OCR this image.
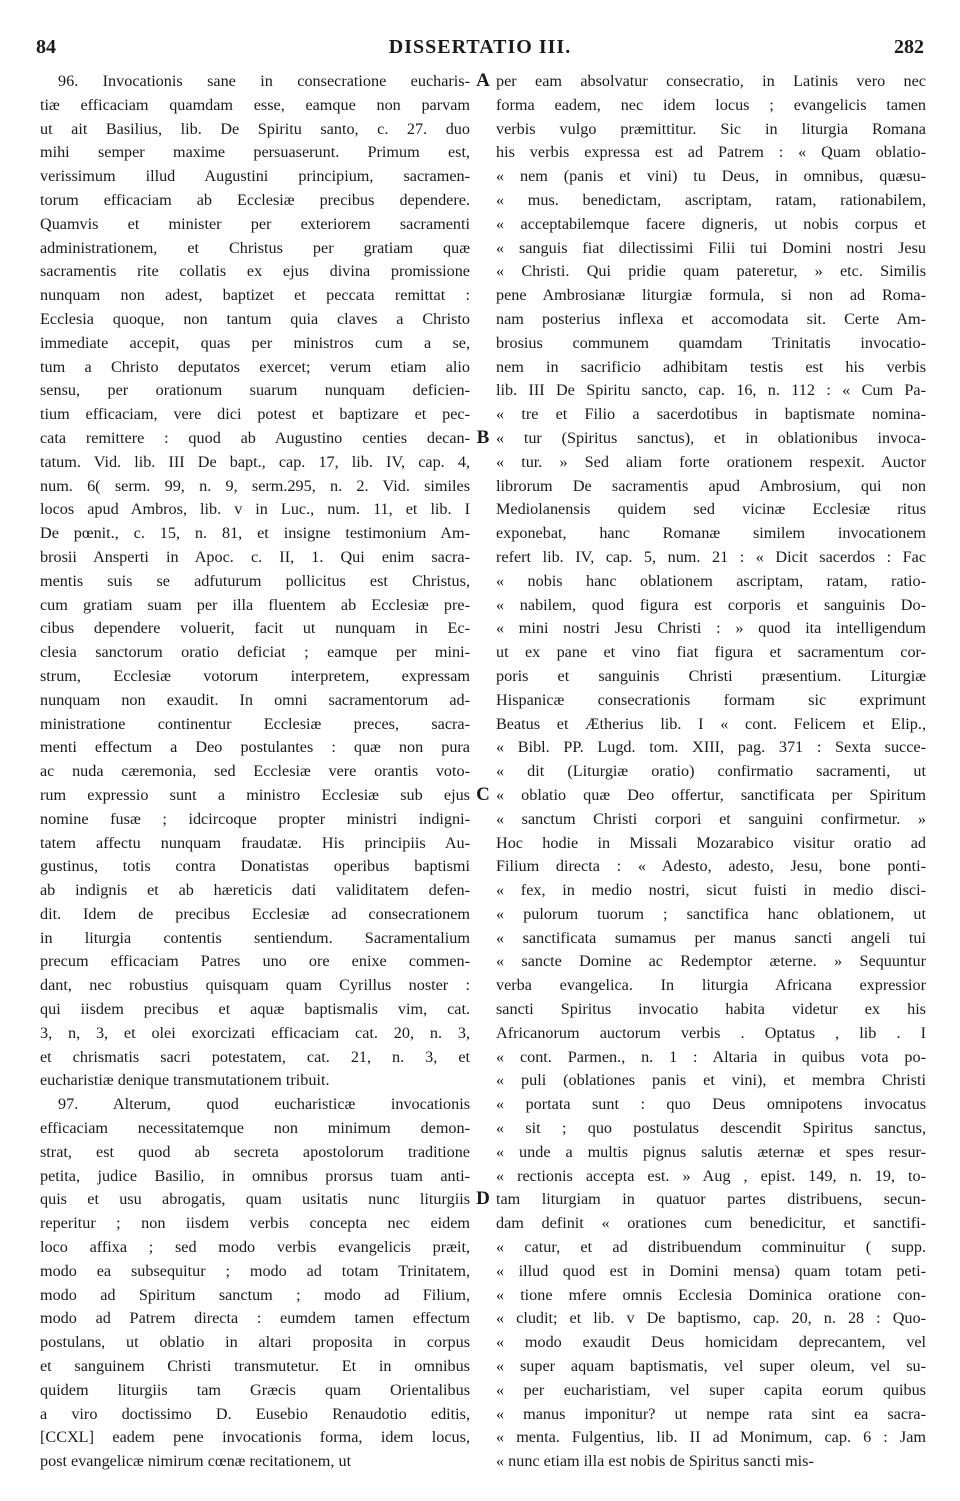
84	DISSERTATIO III.	282
96. Invocationis sane in consecratione eucharis-
tiæ efficaciam quamdam esse, eamque non parvam
ut ait Basilius, lib. De Spiritu santo, c. 27. duo
mihi semper maxime persuaserunt. Primum est,
verissimum illud Augustini principium, sacramen-
torum efficaciam ab Ecclesiæ precibus dependere.
Quamvis et minister per exteriorem sacramenti
administrationem, et Christus per gratiam quæ
sacramentis rite collatis ex ejus divina promissione
nunquam non adest, baptizet et peccata remittat :
Ecclesia quoque, non tantum quia claves a Christo
immediate accepit, quas per ministros cum a se,
tum a Christo deputatos exercet; verum etiam alio
sensu, per orationum suarum nunquam deficien-
tium efficaciam, vere dici potest et baptizare et pec-
cata remittere : quod ab Augustino centies decan-
tatum. Vid. lib. III De bapt., cap. 17, lib. IV, cap. 4,
num. 6( serm. 99, n. 9, serm.295, n. 2. Vid. similes
locos apud Ambros, lib. v in Luc., num. 11, et lib. I
De pœnit., c. 15, n. 81, et insigne testimonium Am-
brosii Ansperti in Apoc. c. II, 1. Qui enim sacra-
mentis suis se adfuturum pollicitus est Christus,
cum gratiam suam per illa fluentem ab Ecclesiæ pre-
cibus dependere voluerit, facit ut nunquam in Ec-
clesia sanctorum oratio deficiat ; eamque per mini-
strum, Ecclesiæ votorum interpretem, expressam
nunquam non exaudit. In omni sacramentorum ad-
ministratione continentur Ecclesiæ preces, sacra-
menti effectum a Deo postulantes : quæ non pura
ac nuda cæremonia, sed Ecclesiæ vere orantis voto-
rum expressio sunt a ministro Ecclesiæ sub ejus
nomine fusæ ; idcircoque propter ministri indigni-
tatem affectu nunquam fraudatæ. His principiis Au-
gustinus, totis contra Donatistas operibus baptismi
ab indignis et ab hæreticis dati validitatem defen-
dit. Idem de precibus Ecclesiæ ad consecrationem
in liturgia contentis sentiendum. Sacramentalium
precum efficaciam Patres uno ore enixe commen-
dant, nec robustius quisquam quam Cyrillus noster :
qui iisdem precibus et aquæ baptismalis vim, cat.
3, n, 3, et olei exorcizati efficaciam cat. 20, n. 3,
et chrismatis sacri potestatem, cat. 21, n. 3, et
eucharistiæ denique transmutationem tribuit.
97. Alterum, quod eucharisticæ invocationis
efficaciam necessitatemque non minimum demon-
strat, est quod ab secreta apostolorum traditione
petita, judice Basilio, in omnibus prorsus tuam anti-
quis et usu abrogatis, quam usitatis nunc liturgiis
reperitur ; non iisdem verbis concepta nec eidem
loco affixa ; sed modo verbis evangelicis præit,
modo ea subsequitur ; modo ad totam Trinitatem,
modo ad Spiritum sanctum ; modo ad Filium,
modo ad Patrem directa : eumdem tamen effectum
postulans, ut oblatio in altari proposita in corpus
et sanguinem Christi transmutetur. Et in omnibus
quidem liturgiis tam Græcis quam Orientalibus
a viro doctissimo D. Eusebio Renaudotio editis,
[CCXL] eadem pene invocationis forma, idem locus,
post evangelicæ nimirum cœnæ recitationem, ut
per eam absolvatur consecratio, in Latinis vero nec
forma eadem, nec idem locus ; evangelicis tamen
verbis vulgo præmittitur. Sic in liturgia Romana
his verbis expressa est ad Patrem : « Quam oblatio-
« nem (panis et vini) tu Deus, in omnibus, quæsu-
« mus. benedictam, ascriptam, ratam, rationabilem,
« acceptabilemque facere digneris, ut nobis corpus et
« sanguis fiat dilectissimi Filii tui Domini nostri Jesu
« Christi. Qui pridie quam pateretur, » etc. Similis
pene Ambrosianæ liturgiæ formula, si non ad Roma-
nam posterius inflexa et accomodata sit. Certe Am-
brosius communem quamdam Trinitatis invocatio-
nem in sacrificio adhibitam testis est his verbis
lib. III De Spiritu sancto, cap. 16, n. 112 : « Cum Pa-
« tre et Filio a sacerdotibus in baptismate nomina-
« tur (Spiritus sanctus), et in oblationibus invoca-
« tur. » Sed aliam forte orationem respexit. Auctor
librorum De sacramentis apud Ambrosium, qui non
Mediolanensis quidem sed vicinæ Ecclesiæ ritus
exponebat, hanc Romanæ similem invocationem
refert lib. IV, cap. 5, num. 21 : « Dicit sacerdos : Fac
« nobis hanc oblationem ascriptam, ratam, ratio-
« nabilem, quod figura est corporis et sanguinis Do-
« mini nostri Jesu Christi : » quod ita intelligendum
ut ex pane et vino fiat figura et sacramentum cor-
poris et sanguinis Christi præsentium. Liturgiæ
Hispanicæ consecrationis formam sic exprimunt
Beatus et Ætherius lib. I « cont. Felicem et Elip.,
« Bibl. PP. Lugd. tom. XIII, pag. 371 : Sexta succe-
« dit (Liturgiæ oratio) confirmatio sacramenti, ut
« oblatio quæ Deo offertur, sanctificata per Spiritum
« sanctum Christi corpori et sanguini confirmetur. »
Hoc hodie in Missali Mozarabico visitur oratio ad
Filium directa : « Adesto, adesto, Jesu, bone ponti-
« fex, in medio nostri, sicut fuisti in medio disci-
« pulorum tuorum ; sanctifica hanc oblationem, ut
« sanctificata sumamus per manus sancti angeli tui
« sancte Domine ac Redemptor æterne. » Sequuntur
verba evangelica. In liturgia Africana expressior
sancti Spiritus invocatio habita videtur ex his
Africanorum auctorum verbis . Optatus , lib . I
« cont. Parmen., n. 1 : Altaria in quibus vota po-
« puli (oblationes panis et vini), et membra Christi
« portata sunt : quo Deus omnipotens invocatus
« sit ; quo postulatus descendit Spiritus sanctus,
« unde a multis pignus salutis æternæ et spes resur-
« rectionis accepta est. » Aug , epist. 149, n. 19, to-
tam liturgiam in quatuor partes distribuens, secun-
dam definit « orationes cum benedicitur, et sanctifi-
« catur, et ad distribuendum comminuitur ( supp.
« illud quod est in Domini mensa) quam totam peti-
« tione mfere omnis Ecclesia Dominica oratione con-
« cludit; et lib. v De baptismo, cap. 20, n. 28 : Quo-
« modo exaudit Deus homicidam deprecantem, vel
« super aquam baptismatis, vel super oleum, vel su-
« per eucharistiam, vel super capita eorum quibus
« manus imponitur? ut nempe rata sint ea sacra-
« menta. Fulgentius, lib. II ad Monimum, cap. 6 : Jam
« nunc etiam illa est nobis de Spiritus sancti mis-
A
B
C
D
